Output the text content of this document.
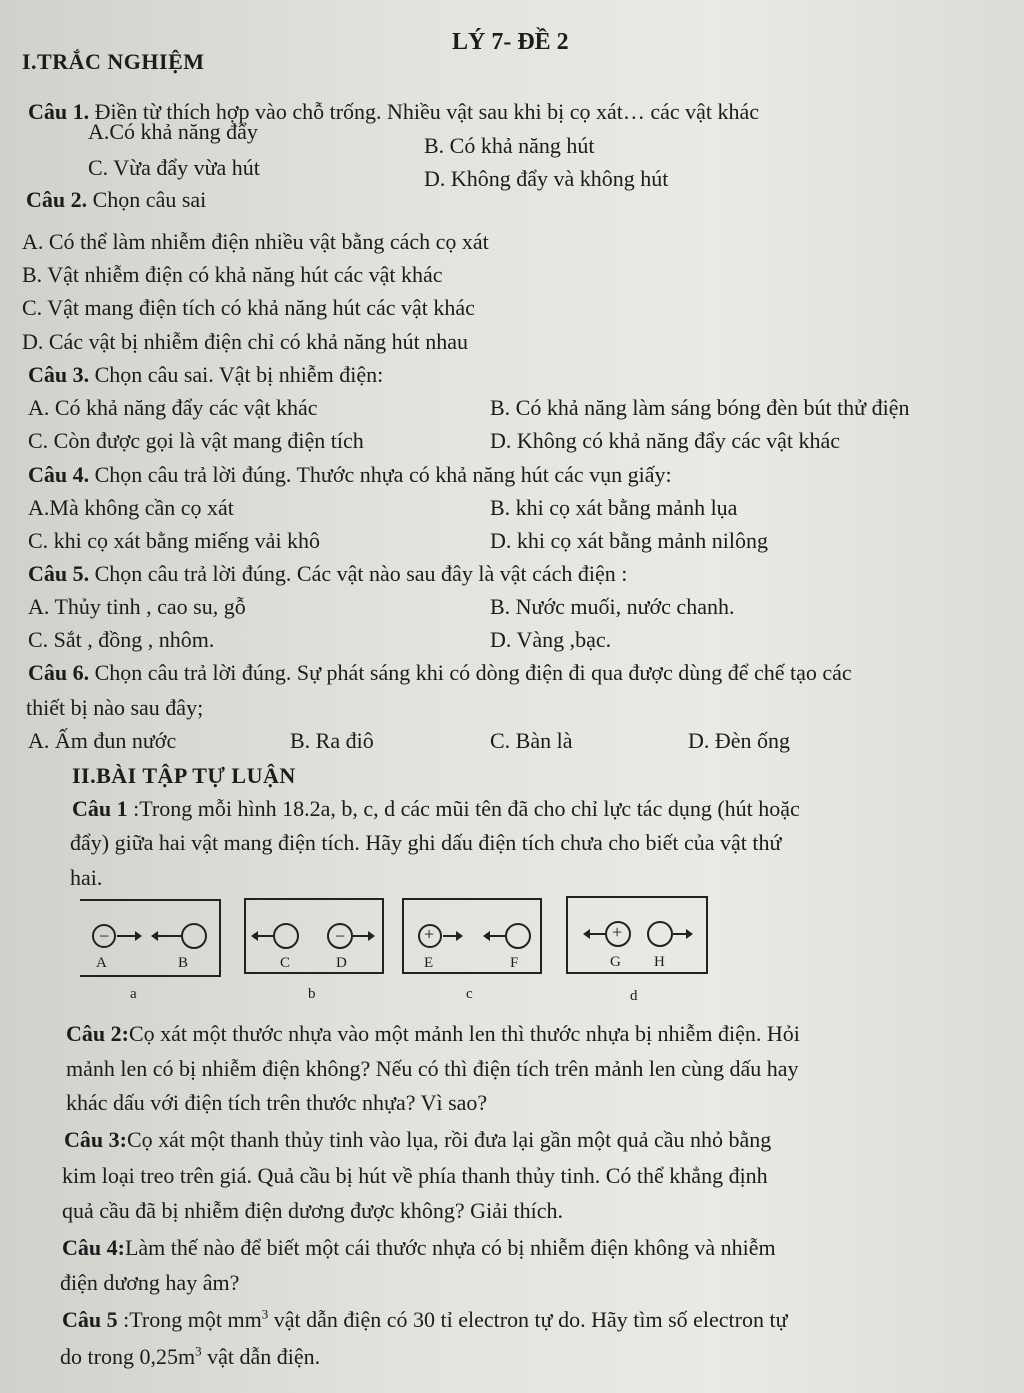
LÝ 7- ĐỀ 2
I.TRẮC NGHIỆM
Câu 1. Điền từ thích hợp vào chỗ trống. Nhiều vật sau khi bị cọ xát… các vật khác
A.Có khả năng đẩy
B. Có khả năng hút
C. Vừa đẩy vừa hút	D. Không đẩy và không hút
Câu 2. Chọn câu sai
A. Có thể làm nhiễm điện nhiều vật bằng cách cọ xát
B. Vật nhiễm điện có khả năng hút các vật khác
C. Vật mang điện tích có khả năng hút các vật khác
D. Các vật bị nhiễm điện chỉ có khả năng hút nhau
Câu 3. Chọn câu sai. Vật bị nhiễm điện:
A. Có khả năng đẩy các vật khác	B. Có khả năng làm sáng bóng đèn bút thử điện
C. Còn được gọi là vật mang điện tích	D. Không có khả năng đẩy các vật khác
Câu 4. Chọn câu trả lời đúng. Thước nhựa có khả năng hút các vụn giấy:
A.Mà không cần cọ xát	B. khi cọ xát bằng mảnh lụa
C. khi cọ xát bằng miếng vải khô	D. khi cọ xát bằng mảnh nilông
Câu 5. Chọn câu trả lời đúng. Các vật nào sau đây là vật cách điện :
A. Thủy tinh , cao su, gỗ	B. Nước muối, nước chanh.
C. Sắt , đồng , nhôm.	D. Vàng ,bạc.
Câu 6. Chọn câu trả lời đúng. Sự phát sáng khi có dòng điện đi qua được dùng để chế tạo các
thiết bị nào sau đây;
A. Ấm đun nước	B. Ra điô	C. Bàn là	D. Đèn ống
II.BÀI TẬP TỰ LUẬN
Câu 1 :Trong mỗi hình 18.2a, b, c, d các mũi tên đã cho chỉ lực tác dụng (hút hoặc
đẩy) giữa hai vật mang điện tích. Hãy ghi dấu điện tích chưa cho biết của vật thứ
hai.
−
A	B
a
−
C	D
b
+
E	F
c
+
G H
d
Câu 2:Cọ xát một thước nhựa vào một mảnh len thì thước nhựa bị nhiễm điện. Hỏi
mảnh len có bị nhiễm điện không? Nếu có thì điện tích trên mảnh len cùng dấu hay
khác dấu với điện tích trên thước nhựa? Vì sao?
Câu 3:Cọ xát một thanh thủy tinh vào lụa, rồi đưa lại gần một quả cầu nhỏ bằng
kim loại treo trên giá. Quả cầu bị hút về phía thanh thủy tinh. Có thể khẳng định
quả cầu đã bị nhiễm điện dương được không? Giải thích.
Câu 4:Làm thế nào để biết một cái thước nhựa có bị nhiễm điện không và nhiễm
điện dương hay âm?
Câu 5 :Trong một $mm^3$ vật dẫn điện có 30 tỉ electron tự do. Hãy tìm số electron tự
do trong $0,25m^3$ vật dẫn điện.
